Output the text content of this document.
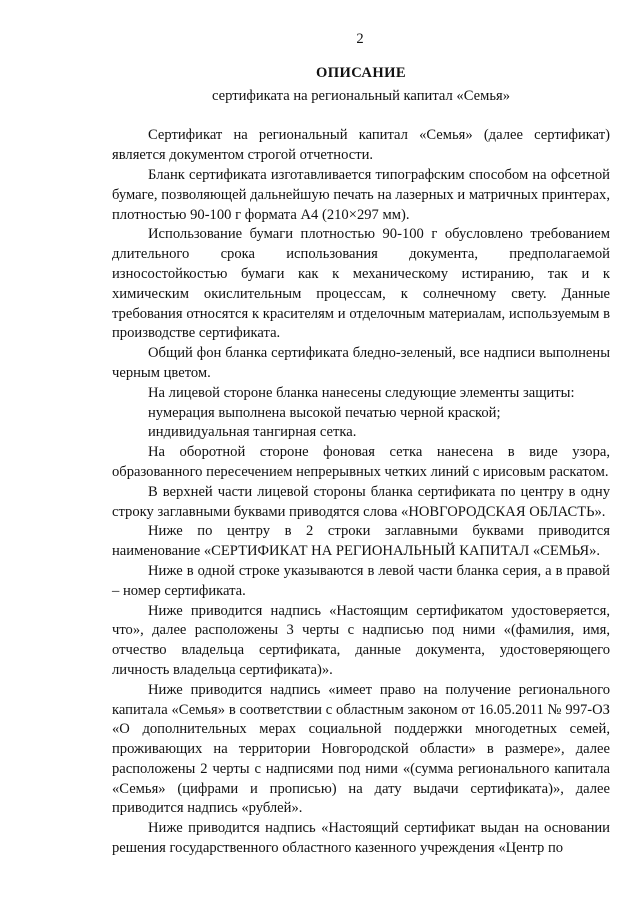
2
ОПИСАНИЕ
сертификата на региональный капитал «Семья»

Сертификат на региональный капитал «Семья» (далее сертификат) является документом строгой отчетности.

Бланк сертификата изготавливается типографским способом на офсетной бумаге, позволяющей дальнейшую печать на лазерных и матричных принтерах, плотностью 90-100 г формата А4 (210×297 мм).

Использование бумаги плотностью 90-100 г обусловлено требованием длительного срока использования документа, предполагаемой износостойкостью бумаги как к механическому истиранию, так и к химическим окислительным процессам, к солнечному свету. Данные требования относятся к красителям и отделочным материалам, используемым в производстве сертификата.

Общий фон бланка сертификата бледно-зеленый, все надписи выполнены черным цветом.

На лицевой стороне бланка нанесены следующие элементы защиты:

нумерация выполнена высокой печатью черной краской;

индивидуальная тангирная сетка.

На оборотной стороне фоновая сетка нанесена в виде узора, образованного пересечением непрерывных четких линий с ирисовым раскатом.

В верхней части лицевой стороны бланка сертификата по центру в одну строку заглавными буквами приводятся слова «НОВГОРОДСКАЯ ОБЛАСТЬ».

Ниже по центру в 2 строки заглавными буквами приводится наименование «СЕРТИФИКАТ НА РЕГИОНАЛЬНЫЙ КАПИТАЛ «СЕМЬЯ».

Ниже в одной строке указываются в левой части бланка серия, а в правой – номер сертификата.

Ниже приводится надпись «Настоящим сертификатом удостоверяется, что», далее расположены 3 черты с надписью под ними «(фамилия, имя, отчество владельца сертификата, данные документа, удостоверяющего личность владельца сертификата)».

Ниже приводится надпись «имеет право на получение регионального капитала «Семья» в соответствии с областным законом от 16.05.2011 № 997-ОЗ «О дополнительных мерах социальной поддержки многодетных семей, проживающих на территории Новгородской области» в размере», далее расположены 2 черты с надписями под ними «(сумма регионального капитала «Семья» (цифрами и прописью) на дату выдачи сертификата)», далее приводится надпись «рублей».

Ниже приводится надпись «Настоящий сертификат выдан на основании решения государственного областного казенного учреждения «Центр по
